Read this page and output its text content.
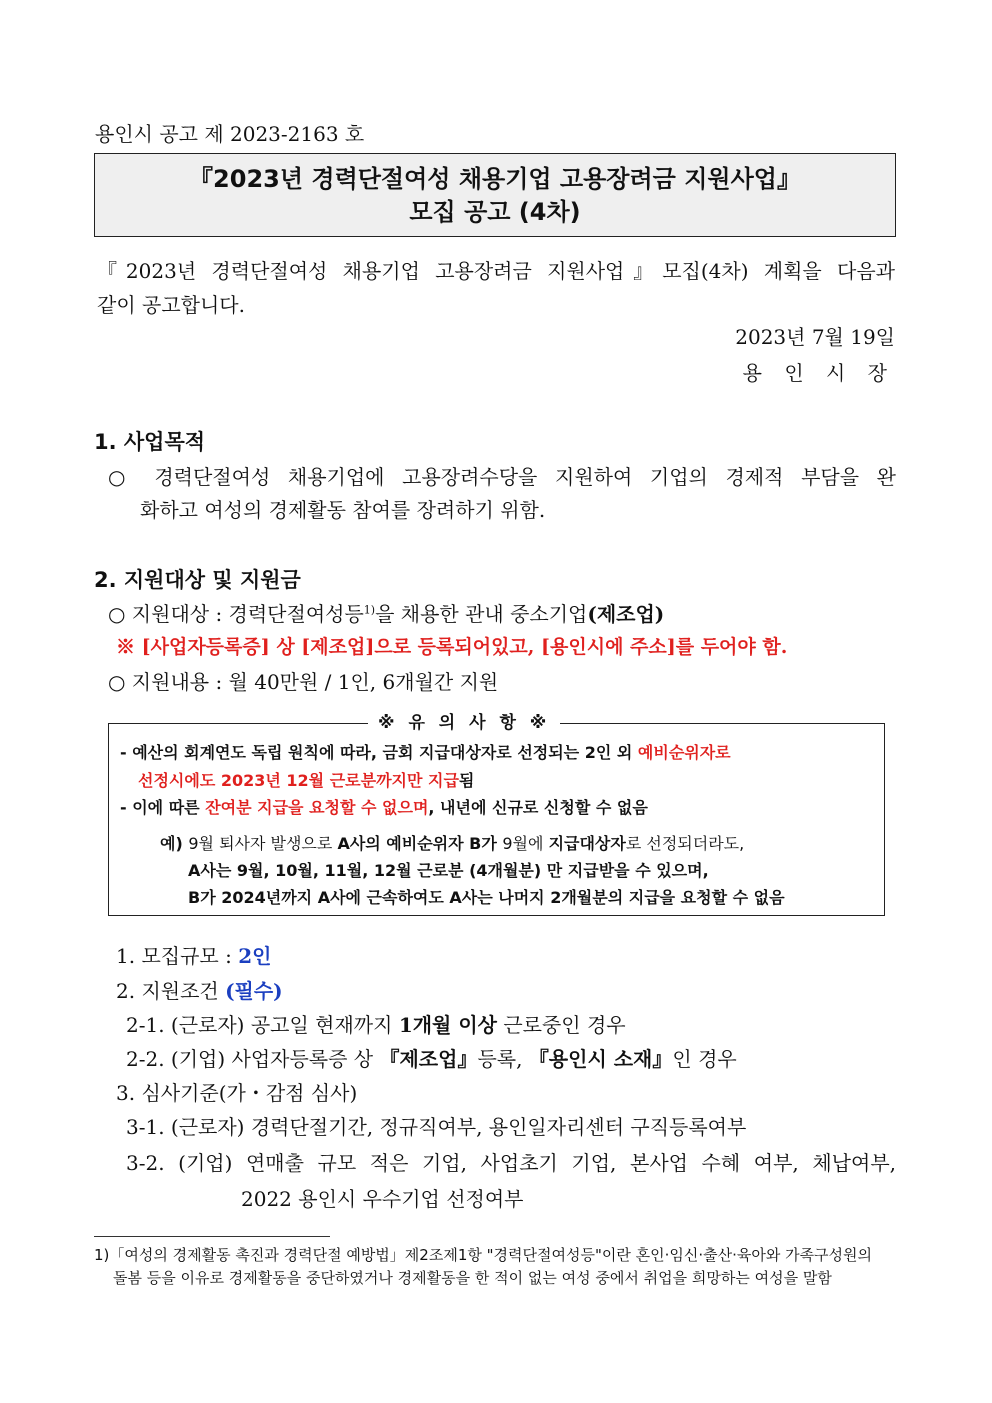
용인시 공고 제 2023-2163 호
『2023년 경력단절여성 채용기업 고용장려금 지원사업』
모집 공고 (4차)
『2023년 경력단절여성 채용기업 고용장려금 지원사업』모집(4차) 계획을 다음과
같이 공고합니다.
2023년 7월 19일
용 인 시 장
1. 사업목적
○ 경력단절여성 채용기업에 고용장려수당을 지원하여 기업의 경제적 부담을 완
화하고 여성의 경제활동 참여를 장려하기 위함.
2. 지원대상 및 지원금
○ 지원대상 : 경력단절여성등$^{1)}$을 채용한 관내 중소기업(제조업)
※ [사업자등록증] 상 [제조업]으로 등록되어있고, [용인시에 주소]를 두어야 함.
○ 지원내용 : 월 40만원 / 1인, 6개월간 지원
※ 유 의 사 항 ※
- 예산의 회계연도 독립 원칙에 따라, 금회 지급대상자로 선정되는 2인 외 예비순위자로
선정시에도 2023년 12월 근로분까지만 지급됨
- 이에 따른 잔여분 지급을 요청할 수 없으며, 내년에 신규로 신청할 수 없음
예) 9월 퇴사자 발생으로 A사의 예비순위자 B가 9월에 지급대상자로 선정되더라도,
A사는 9월, 10월, 11월, 12월 근로분 (4개월분) 만 지급받을 수 있으며,
B가 2024년까지 A사에 근속하여도 A사는 나머지 2개월분의 지급을 요청할 수 없음
1. 모집규모 : 2인
2. 지원조건 (필수)
2-1. (근로자) 공고일 현재까지 1개월 이상 근로중인 경우
2-2. (기업) 사업자등록증 상 『제조업』등록, 『용인시 소재』인 경우
3. 심사기준(가・감점 심사)
3-1. (근로자) 경력단절기간, 정규직여부, 용인일자리센터 구직등록여부
3-2. (기업) 연매출 규모 적은 기업, 사업초기 기업, 본사업 수혜 여부, 체납여부,
2022 용인시 우수기업 선정여부
1)「여성의 경제활동 촉진과 경력단절 예방법」제2조제1항 "경력단절여성등"이란 혼인·임신·출산·육아와 가족구성원의
돌봄 등을 이유로 경제활동을 중단하였거나 경제활동을 한 적이 없는 여성 중에서 취업을 희망하는 여성을 말함
